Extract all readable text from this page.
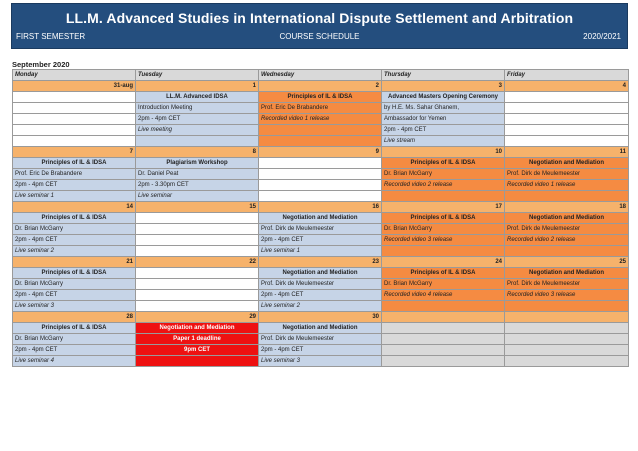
LL.M. Advanced Studies in International Dispute Settlement and Arbitration
FIRST SEMESTER	COURSE SCHEDULE	2020/2021
September 2020
Monday	Tuesday	Wednesday	Thursday	Friday
31-aug	1	2	3	4
	LL.M. Advanced IDSA	Principles of IL & IDSA	Advanced Masters Opening Ceremony	
	Introduction Meeting	Prof. Eric De Brabandere	by H.E. Ms. Sahar Ghanem,	
	2pm - 4pm CET	Recorded video 1 release	Ambassador for Yemen	
	Live meeting		2pm - 4pm CET	
			Live stream	
7	8	9	10	11
Principles of IL & IDSA	Plagiarism Workshop		Principles of IL & IDSA	Negotiation and Mediation
Prof. Eric De Brabandere	Dr. Daniel Peat		Dr. Brian McGarry	Prof. Dirk de Meulemeester
2pm - 4pm CET	2pm - 3.30pm CET		Recorded video 2 release	Recorded video 1 release
Live seminar 1	Live seminar			
14	15	16	17	18
Principles of IL & IDSA		Negotiation and Mediation	Principles of IL & IDSA	Negotiation and Mediation
Dr. Brian McGarry		Prof. Dirk de Meulemeester	Dr. Brian McGarry	Prof. Dirk de Meulemeester
2pm - 4pm CET		2pm - 4pm CET	Recorded video 3 release	Recorded video 2 release
Live seminar 2		Live seminar 1		
21	22	23	24	25
Principles of IL & IDSA		Negotiation and Mediation	Principles of IL & IDSA	Negotiation and Mediation
Dr. Brian McGarry		Prof. Dirk de Meulemeester	Dr. Brian McGarry	Prof. Dirk de Meulemeester
2pm - 4pm CET		2pm - 4pm CET	Recorded video 4 release	Recorded video 3 release
Live seminar 3		Live seminar 2		
28	29	30		
Principles of IL & IDSA	Negotiation and Mediation	Negotiation and Mediation		
Dr. Brian McGarry	Paper 1 deadline	Prof. Dirk de Meulemeester		
2pm - 4pm CET	9pm CET	2pm - 4pm CET		
Live seminar 4		Live seminar 3		
